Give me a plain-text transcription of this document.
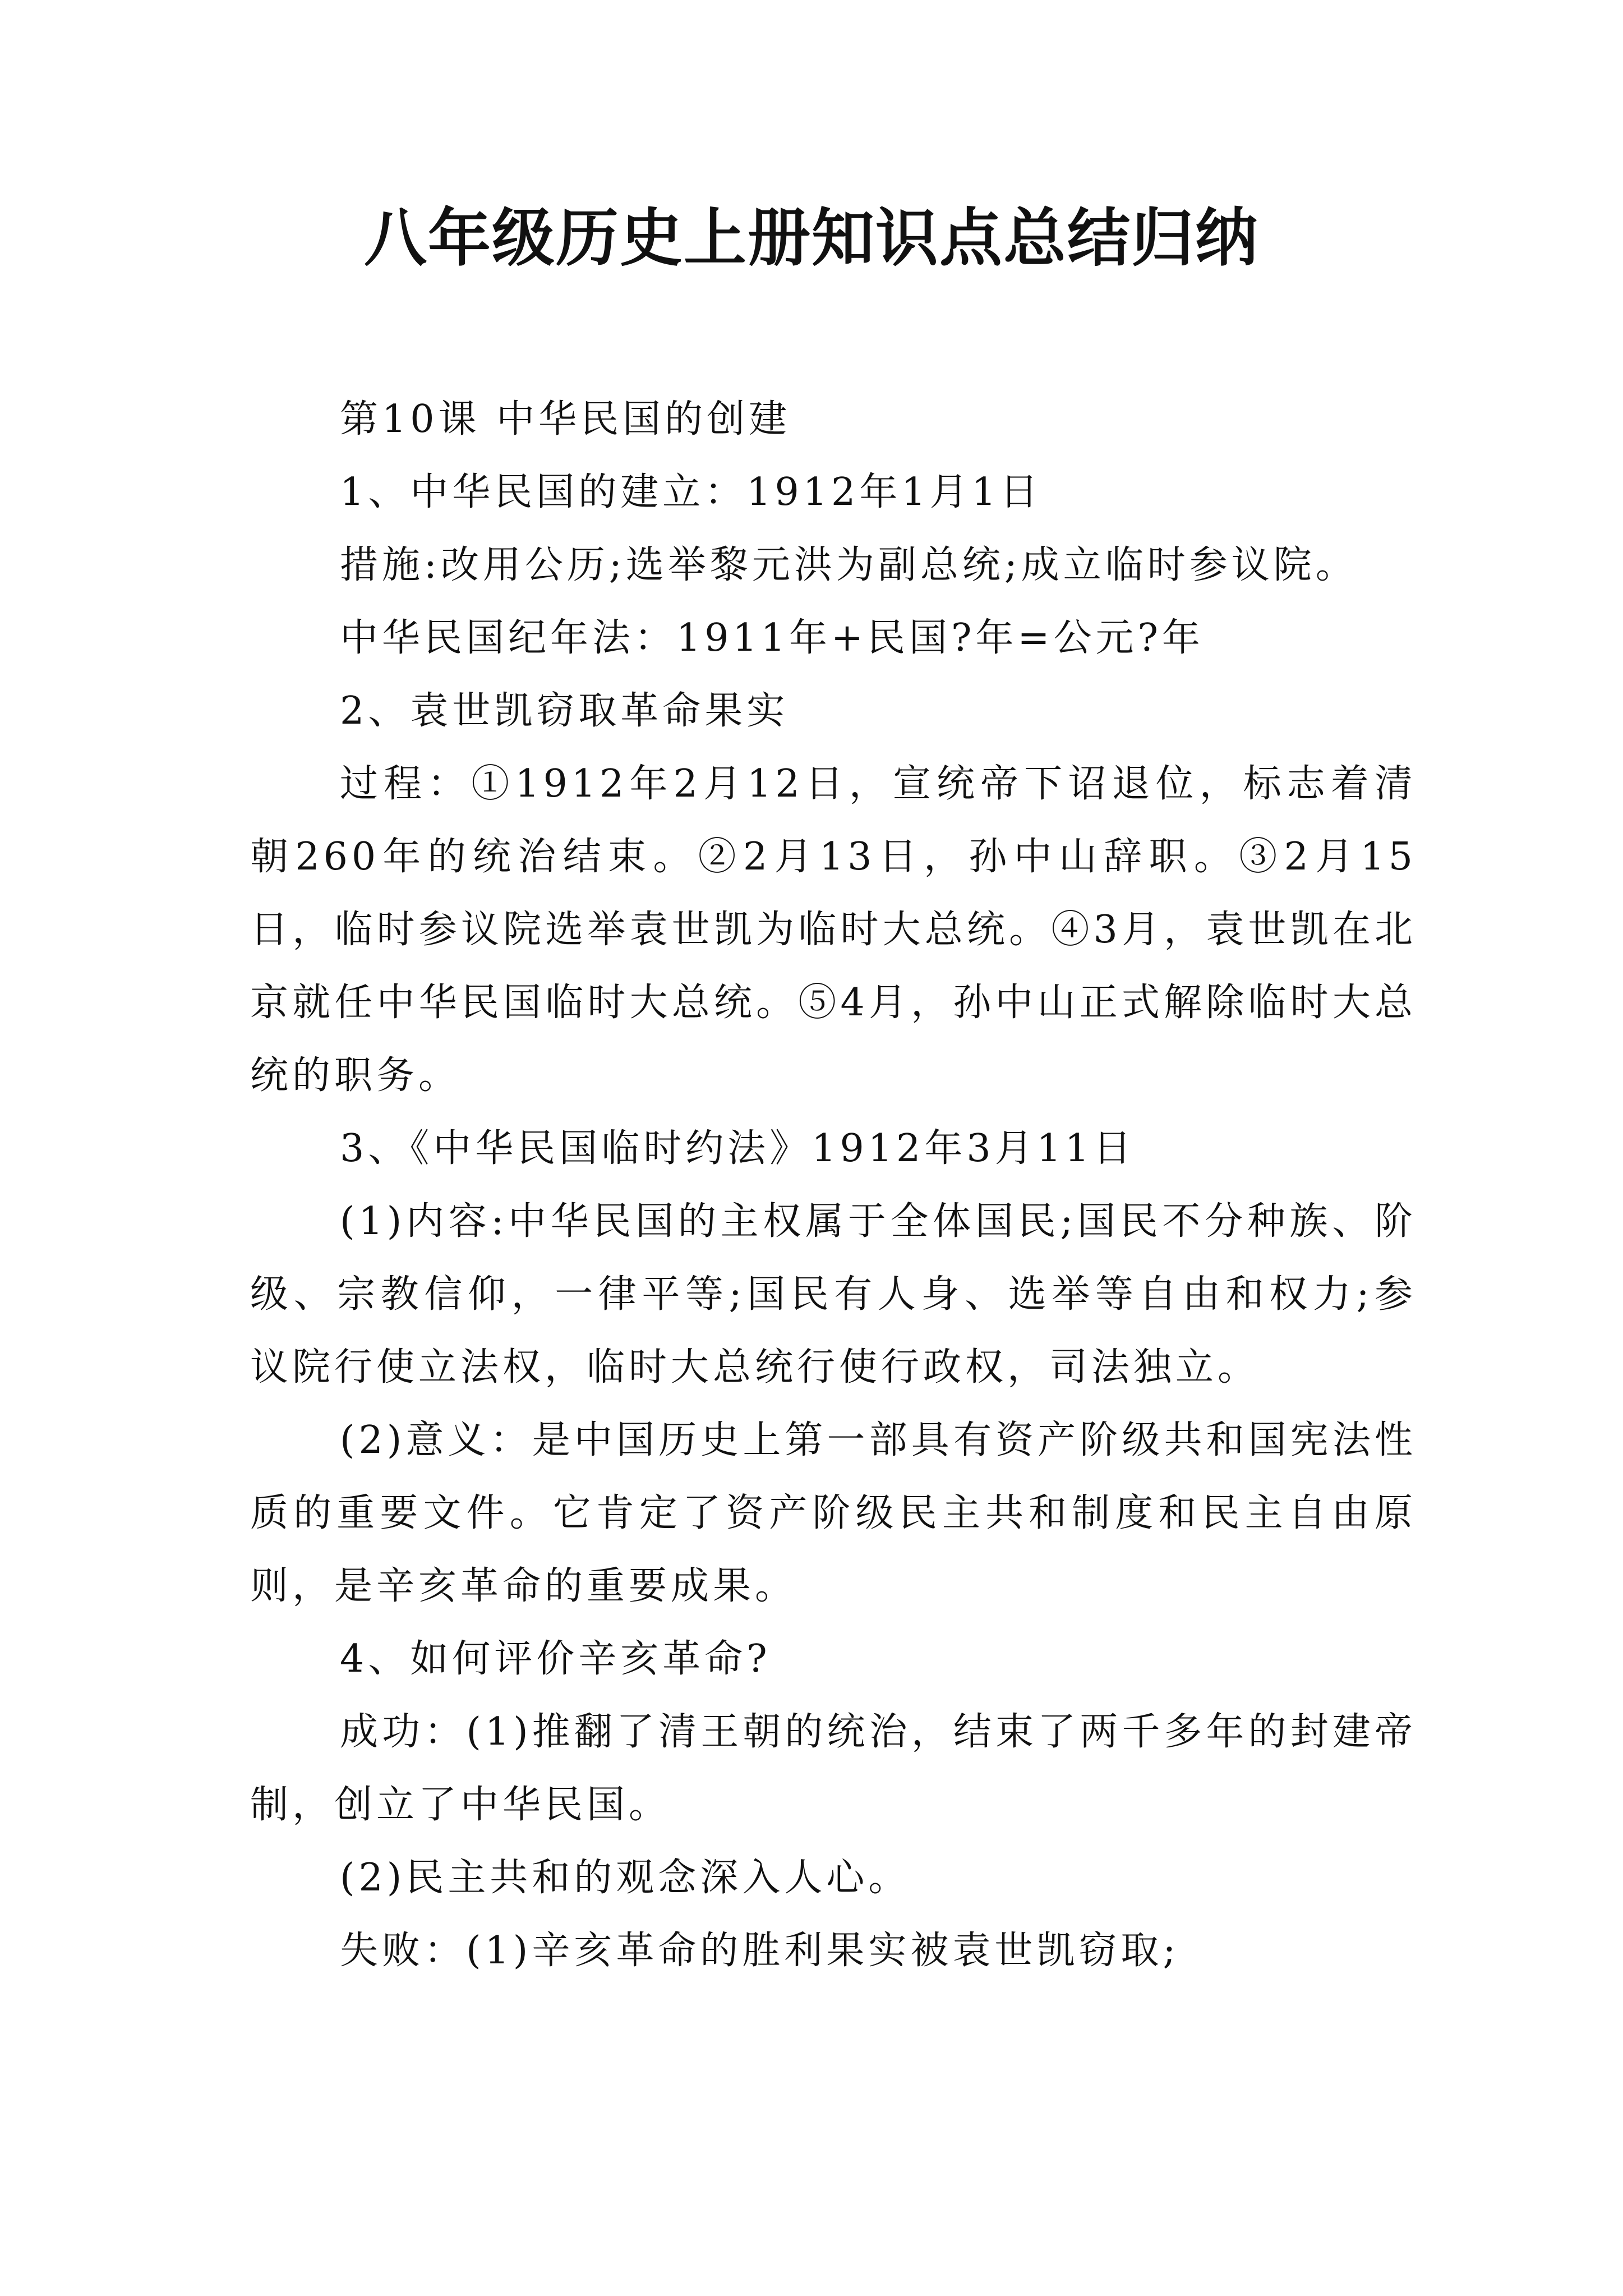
八年级历史上册知识点总结归纳

第10课 中华民国的创建

1、中华民国的建立：1912年1月1日

措施:改用公历;选举黎元洪为副总统;成立临时参议院。

中华民国纪年法：1911年+民国?年=公元?年

2、袁世凯窃取革命果实

过程：①1912年2月12日，宣统帝下诏退位，标志着清朝260年的统治结束。②2月13日，孙中山辞职。③2月15日，临时参议院选举袁世凯为临时大总统。④3月，袁世凯在北京就任中华民国临时大总统。⑤4月，孙中山正式解除临时大总统的职务。

3、《中华民国临时约法》1912年3月11日

(1)内容:中华民国的主权属于全体国民;国民不分种族、阶级、宗教信仰，一律平等;国民有人身、选举等自由和权力;参议院行使立法权，临时大总统行使行政权，司法独立。

(2)意义：是中国历史上第一部具有资产阶级共和国宪法性质的重要文件。它肯定了资产阶级民主共和制度和民主自由原则，是辛亥革命的重要成果。

4、如何评价辛亥革命?

成功：(1)推翻了清王朝的统治，结束了两千多年的封建帝制，创立了中华民国。

(2)民主共和的观念深入人心。

失败：(1)辛亥革命的胜利果实被袁世凯窃取;
